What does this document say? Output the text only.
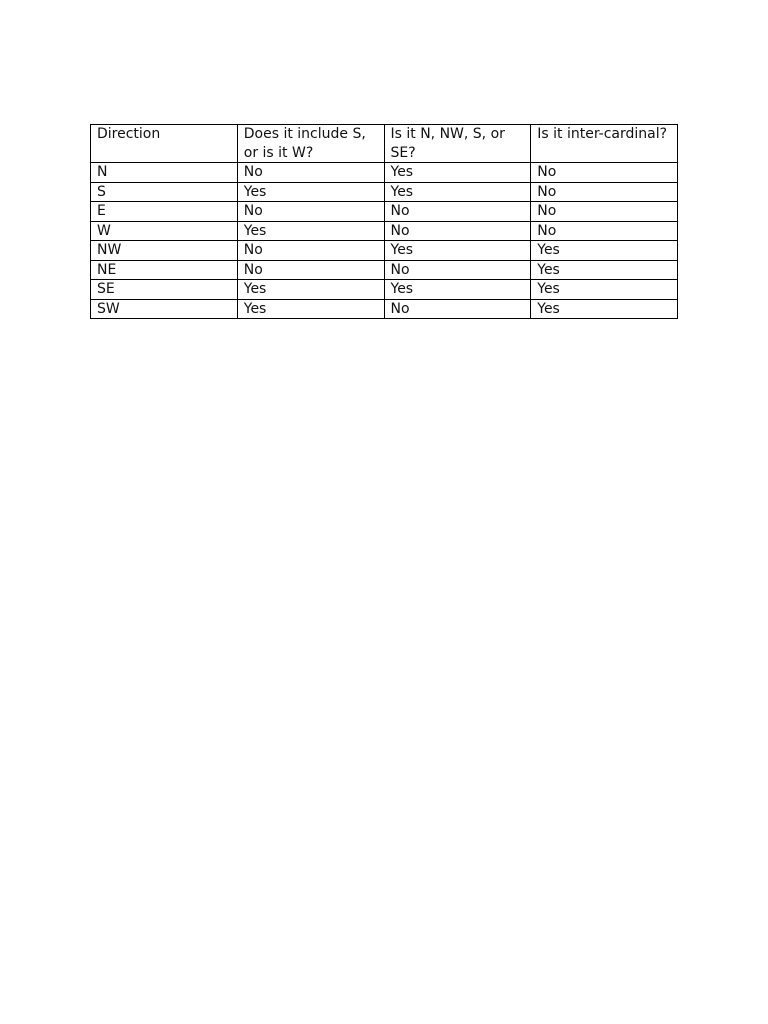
Direction	Does it include S, or is it W?	Is it N, NW, S, or SE?	Is it inter-cardinal?
N	No	Yes	No
S	Yes	Yes	No
E	No	No	No
W	Yes	No	No
NW	No	Yes	Yes
NE	No	No	Yes
SE	Yes	Yes	Yes
SW	Yes	No	Yes
